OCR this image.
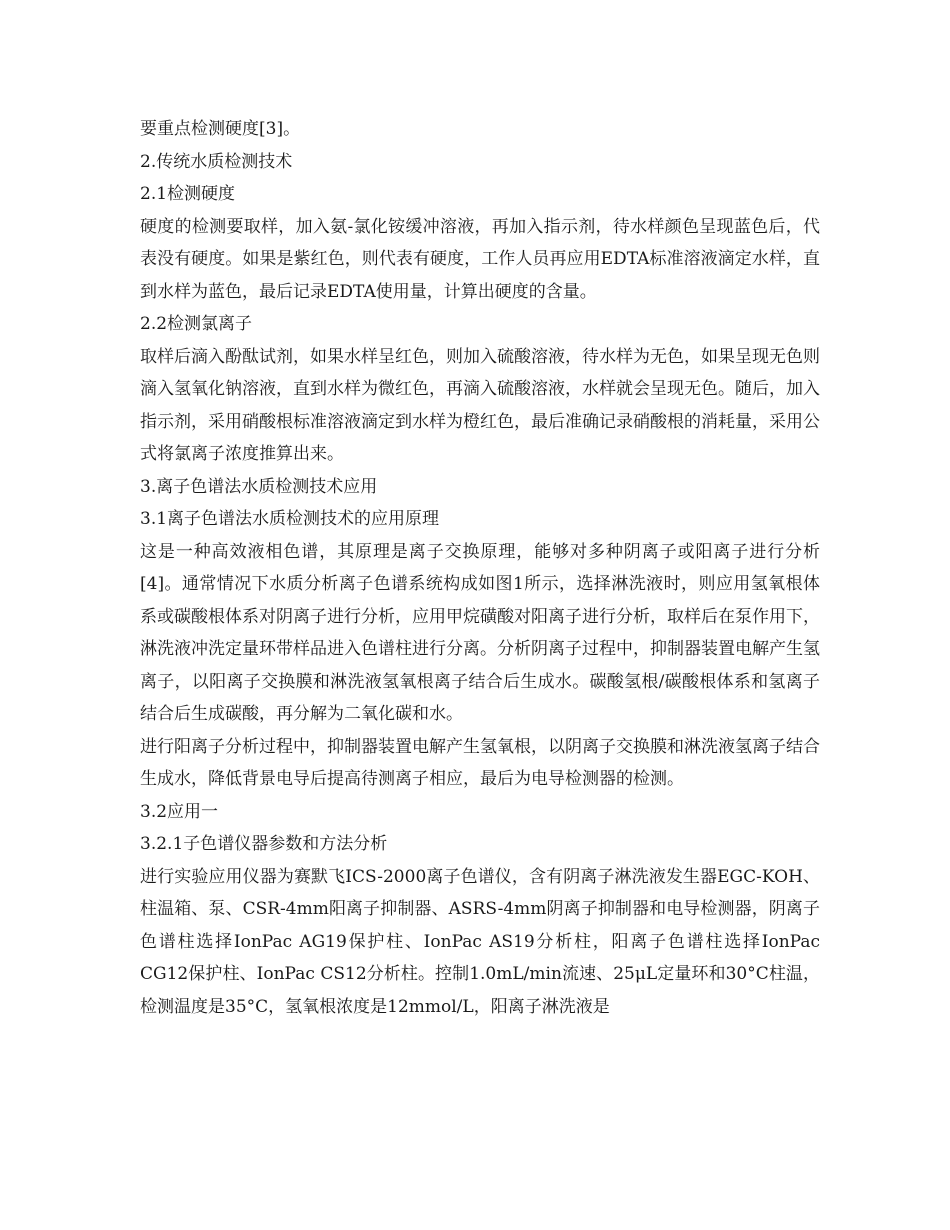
要重点检测硬度[3]。

2.传统水质检测技术

2.1检测硬度

硬度的检测要取样，加入氨-氯化铵缓冲溶液，再加入指示剂，待水样颜色呈现蓝色后，代表没有硬度。如果是紫红色，则代表有硬度，工作人员再应用EDTA标准溶液滴定水样，直到水样为蓝色，最后记录EDTA使用量，计算出硬度的含量。

2.2检测氯离子

取样后滴入酚酞试剂，如果水样呈红色，则加入硫酸溶液，待水样为无色，如果呈现无色则滴入氢氧化钠溶液，直到水样为微红色，再滴入硫酸溶液，水样就会呈现无色。随后，加入指示剂，采用硝酸根标准溶液滴定到水样为橙红色，最后准确记录硝酸根的消耗量，采用公式将氯离子浓度推算出来。

3.离子色谱法水质检测技术应用

3.1离子色谱法水质检测技术的应用原理

这是一种高效液相色谱，其原理是离子交换原理，能够对多种阴离子或阳离子进行分析[4]。通常情况下水质分析离子色谱系统构成如图1所示，选择淋洗液时，则应用氢氧根体系或碳酸根体系对阴离子进行分析，应用甲烷磺酸对阳离子进行分析，取样后在泵作用下，淋洗液冲洗定量环带样品进入色谱柱进行分离。分析阴离子过程中，抑制器装置电解产生氢离子，以阳离子交换膜和淋洗液氢氧根离子结合后生成水。碳酸氢根/碳酸根体系和氢离子结合后生成碳酸，再分解为二氧化碳和水。

进行阳离子分析过程中，抑制器装置电解产生氢氧根，以阴离子交换膜和淋洗液氢离子结合生成水，降低背景电导后提高待测离子相应，最后为电导检测器的检测。

3.2应用一

3.2.1子色谱仪器参数和方法分析

进行实验应用仪器为赛默飞ICS-2000离子色谱仪，含有阴离子淋洗液发生器EGC-KOH、柱温箱、泵、CSR-4mm阳离子抑制器、ASRS-4mm阴离子抑制器和电导检测器，阴离子色谱柱选择IonPac AG19保护柱、IonPac AS19分析柱，阳离子色谱柱选择IonPac CG12保护柱、IonPac CS12分析柱。控制1.0mL/min流速、25μL定量环和30°C柱温，检测温度是35°C，氢氧根浓度是12mmol/L，阳离子淋洗液是
